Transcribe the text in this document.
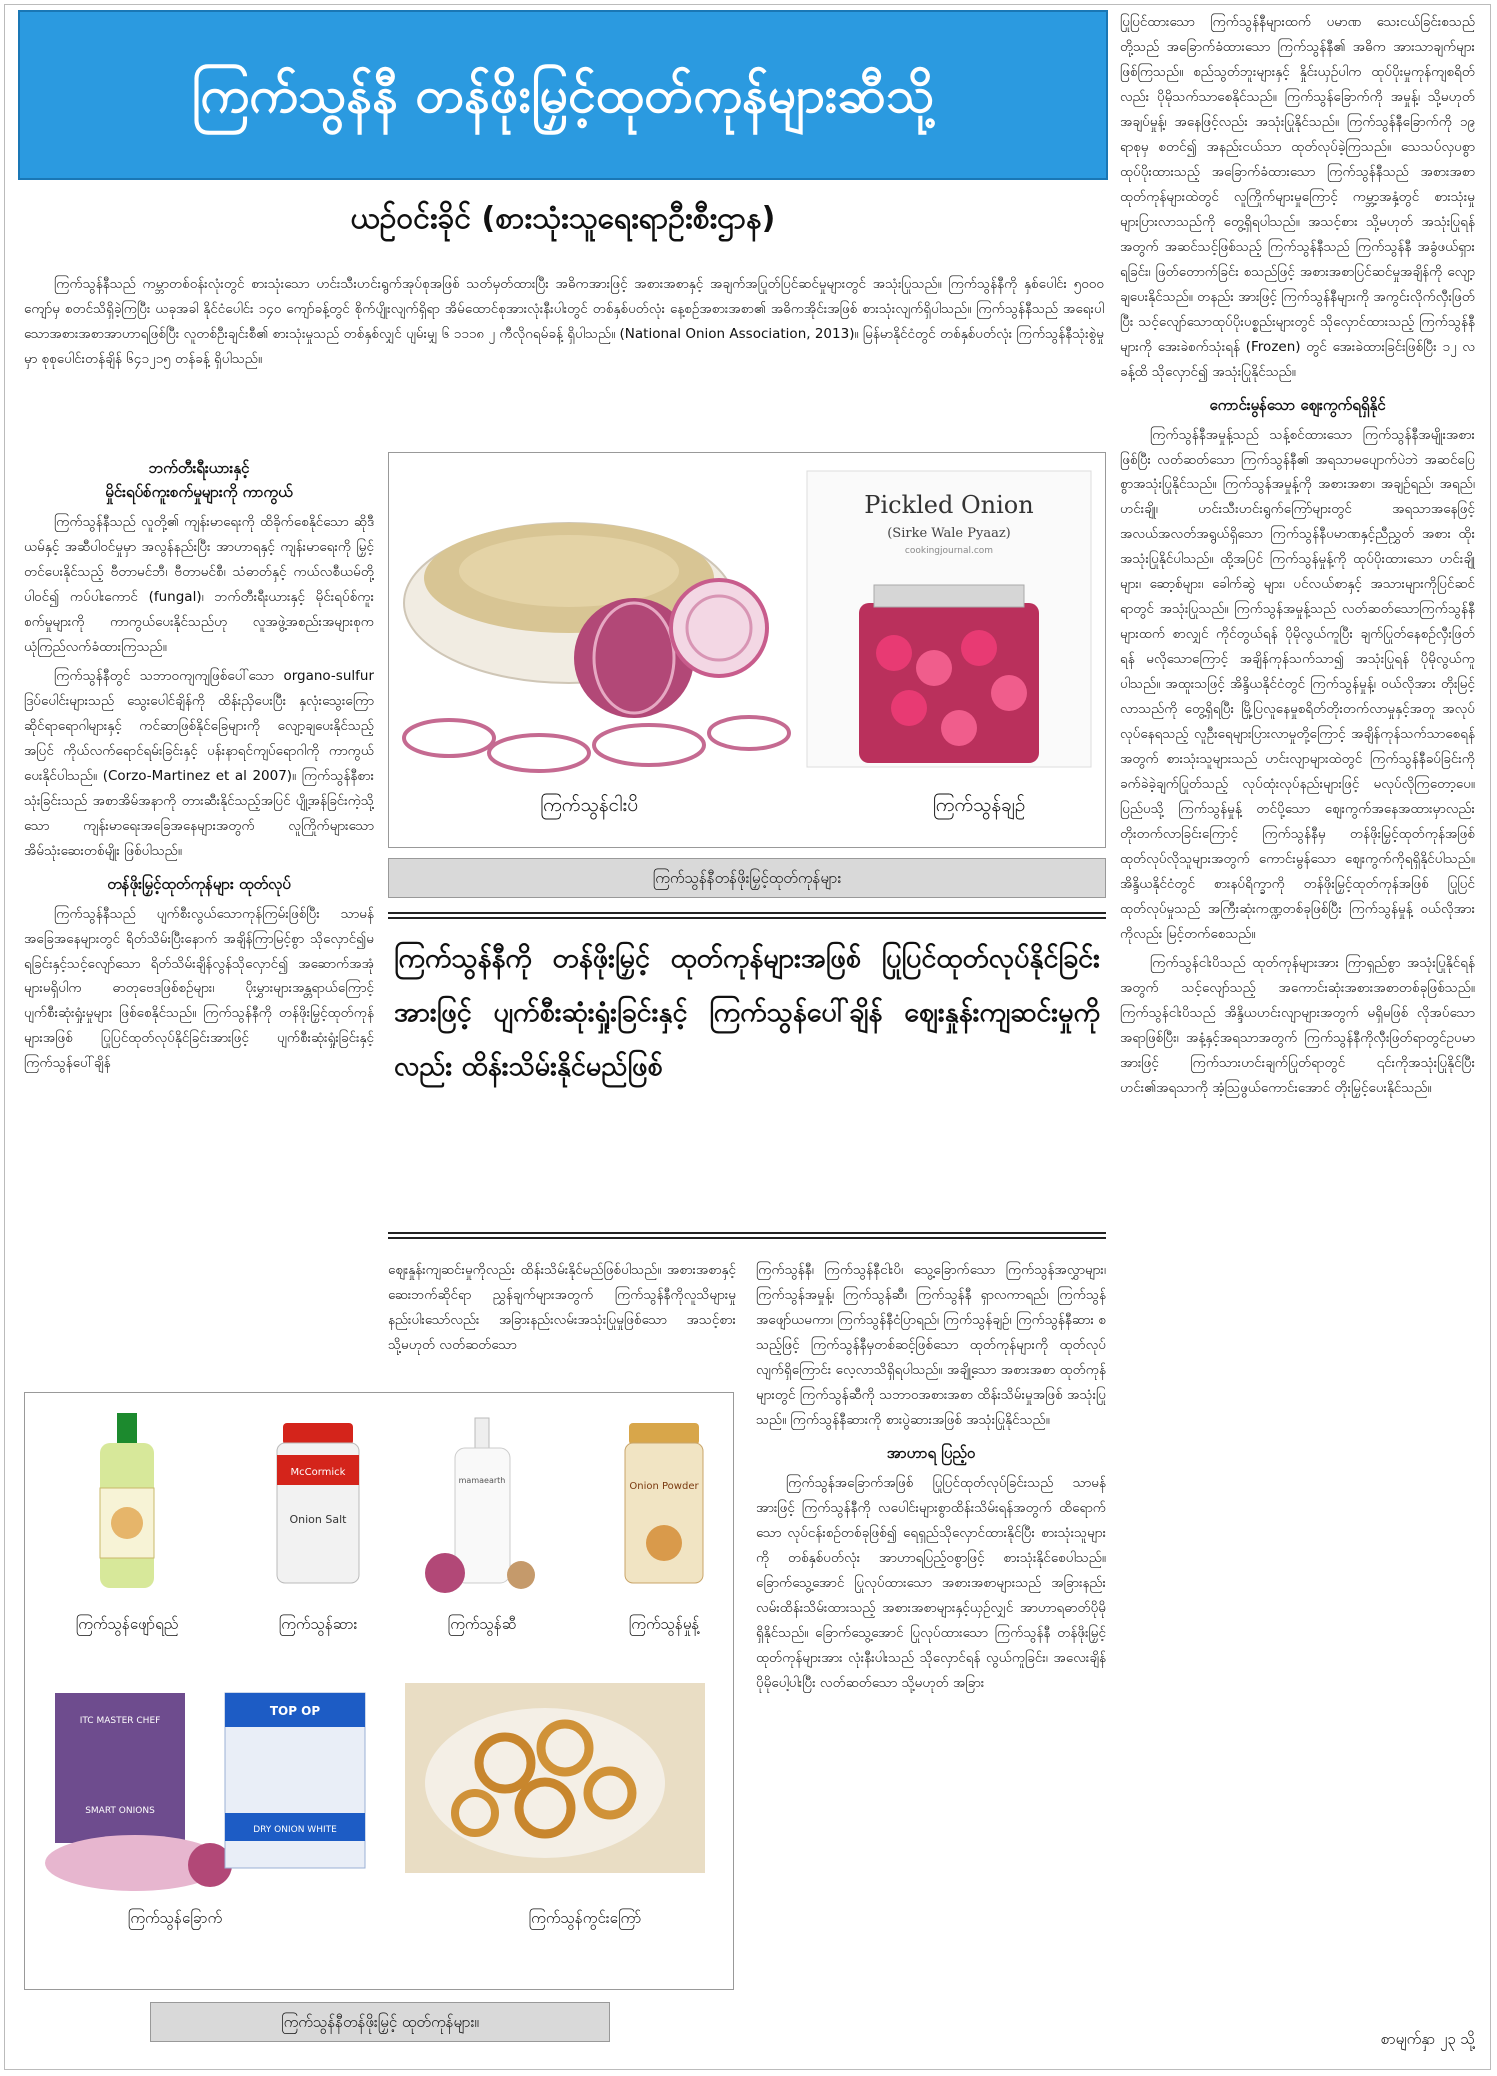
ကြက်သွန်နီ တန်ဖိုးမြှင့်ထုတ်ကုန်များဆီသို့
ယဥ်ဝင်းခိုင် (စားသုံးသူရေးရာဦးစီးဌာန)

ကြက်သွန်နီသည် ကမ္ဘာတစ်ဝန်းလုံးတွင် စားသုံးသော ဟင်းသီးဟင်းရွက်အုပ်စုအဖြစ် သတ်မှတ်ထားပြီး အဓိကအားဖြင့် အစားအစာနှင့် အချက်အပြုတ်ပြင်ဆင်မှုများတွင် အသုံးပြုသည်။ ကြက်သွန်နီကို နှစ်ပေါင်း ၅၀၀၀ ကျော်မှ စတင်သိရှိခဲ့ကြပြီး ယခုအခါ နိုင်ငံပေါင်း ၁၄၀ ကျော်ခန့်တွင် စိုက်ပျိုးလျက်ရှိရာ အိမ်ထောင်စုအားလုံးနီးပါးတွင် တစ်နှစ်ပတ်လုံး နေ့စဉ်အစားအစာ၏ အဓိကအိုင်းအဖြစ် စားသုံးလျက်ရှိပါသည်။ ကြက်သွန်နီသည် အရေးပါသောအစားအစာအာဟာရဖြစ်ပြီး လူတစ်ဦးချင်းစီ၏ စားသုံးမှုသည် တစ်နှစ်လျှင် ပျမ်းမျှ ၆ ၁၁၁၈ ၂ ကီလိုဂရမ်ခန့် ရှိပါသည်။ (National Onion Association, 2013)။ မြန်မာနိုင်ငံတွင် တစ်နှစ်ပတ်လုံး ကြက်သွန်နီသုံးစွဲမှုမှာ စုစုပေါင်းတန်ချိန် ၆၄၁၂၁၅ တန်ခန့် ရှိပါသည်။

ဘက်တီးရီးယားနှင့်
မှိုင်းရပ်စ်ကူးစက်မှုများကို ကာကွယ်

ကြက်သွန်နီသည် လူတို့၏ ကျန်းမာရေးကို ထိခိုက်စေနိုင်သော ဆိုဒီယမ်နှင့် အဆီပါဝင်မှုမှာ အလွန်နည်းပြီး အာဟာရနှင့် ကျန်းမာရေးကို မြှင့်တင်ပေးနိုင်သည့် ဗီတာမင်ဘီ၊ ဗီတာမင်စီ၊ သံဓာတ်နှင့် ကယ်လစီယမ်တို့ပါဝင်၍ ကပ်ပါးကောင် (fungal)၊ ဘက်တီးရီးယားနှင့် မိုင်းရပ်စ်ကူးစက်မှုများကို ကာကွယ်ပေးနိုင်သည်ဟု လူအဖွဲ့အစည်းအများစုက ယုံကြည်လက်ခံထားကြသည်။

ကြက်သွန်နီတွင် သဘာဝကျကျဖြစ်ပေါ်သော organo-sulfur ဒြပ်ပေါင်းများသည် သွေးပေါင်ချိန်ကို ထိန်းညှိပေးပြီး နှလုံးသွေးကြောဆိုင်ရာရောဂါများနှင့် ကင်ဆာဖြစ်နိုင်ခြေများကို လျော့ချပေးနိုင်သည့်အပြင် ကိုယ်လက်ရောင်ရမ်းခြင်းနှင့် ပန်းနာရင်ကျပ်ရောဂါကို ကာကွယ်ပေးနိုင်ပါသည်။ (Corzo-Martinez et al 2007)။ ကြက်သွန်နီစားသုံးခြင်းသည် အစာအိမ်အနာကို တားဆီးနိုင်သည့်အပြင် ပျို့အန်ခြင်းကဲ့သို့သော ကျန်းမာရေးအခြေအနေများအတွက် လူကြိုက်များသော အိမ်သုံးဆေးတစ်မျိုး ဖြစ်ပါသည်။

တန်ဖိုးမြှင့်ထုတ်ကုန်များ ထုတ်လုပ်

ကြက်သွန်နီသည် ပျက်စီးလွယ်သောကုန်ကြမ်းဖြစ်ပြီး သာမန်အခြေအနေများတွင် ရိတ်သိမ်းပြီးနောက် အချိန်ကြာမြင့်စွာ သိုလှောင်၍မရခြင်းနှင့်သင့်လျော်သော ရိတ်သိမ်းချိန်လွန်သိုလှောင်၍ အဆောက်အအုံများမရှိပါက ဓာတုဗေဒဖြစ်စဉ်များ၊ ပိုးမွှားများအန္တရာယ်ကြောင့် ပျက်စီးဆုံးရှုံးမှုများ ဖြစ်စေနိုင်သည်။ ကြက်သွန်နီကို တန်ဖိုးမြှင့်ထုတ်ကုန်များအဖြစ် ပြုပြင်ထုတ်လုပ်နိုင်ခြင်းအားဖြင့် ပျက်စီးဆုံးရှုံးခြင်းနှင့် ကြက်သွန်ပေါ်ချိန်

Pickled Onion
(Sirke Wale Pyaaz)
cookingjournal.com
ကြက်သွန်ငါးပိ	ကြက်သွန်ချဉ်
ကြက်သွန်နီတန်ဖိုးမြှင့်ထုတ်ကုန်များ
ကြက်သွန်နီကို တန်ဖိုးမြှင့် ထုတ်ကုန်များအဖြစ် ပြုပြင်ထုတ်လုပ်နိုင်ခြင်းအားဖြင့် ပျက်စီးဆုံးရှုံးခြင်းနှင့် ကြက်သွန်ပေါ်ချိန် ဈေးနှုန်းကျဆင်းမှုကိုလည်း ထိန်းသိမ်းနိုင်မည်ဖြစ်

ဈေးနှုန်းကျဆင်းမှုကိုလည်း ထိန်းသိမ်းနိုင်မည်ဖြစ်ပါသည်။ အစားအစာနှင့် ဆေးဘက်ဆိုင်ရာ ညွှန်ချက်များအတွက် ကြက်သွန်နီကိုလူသိများမှုနည်းပါးသော်လည်း အခြားနည်းလမ်းအသုံးပြုမှုဖြစ်သော အသင့်စား သို့မဟုတ် လတ်ဆတ်သော

ကြက်သွန်နီ၊ ကြက်သွန်နီငါးပိ၊ သွေ့ခြောက်သော ကြက်သွန်အလွှာများ၊ ကြက်သွန်အမှုန့်၊ ကြက်သွန်ဆီ၊ ကြက်သွန်နီ ရှာလကာရည်၊ ကြက်သွန်အဖျော်ယမကာ၊ ကြက်သွန်နီငံပြာရည်၊ ကြက်သွန်ချဉ်၊ ကြက်သွန်နီဆား စသည့်ဖြင့် ကြက်သွန်နီမှတစ်ဆင့်ဖြစ်သော ထုတ်ကုန်များကို ထုတ်လုပ်လျက်ရှိကြောင်း လေ့လာသိရှိရပါသည်။ အချို့သော အစားအစာ ထုတ်ကုန်များတွင် ကြက်သွန်ဆီကို သဘာဝအစားအစာ ထိန်းသိမ်းမှုအဖြစ် အသုံးပြုသည်။ ကြက်သွန်နီဆားကို စားပွဲဆားအဖြစ် အသုံးပြုနိုင်သည်။

အာဟာရ ပြည့်ဝ

ကြက်သွန်အခြောက်အဖြစ် ပြုပြင်ထုတ်လုပ်ခြင်းသည် သာမန်အားဖြင့် ကြက်သွန်နီကို လပေါင်းများစွာထိန်းသိမ်းရန်အတွက် ထိရောက်သော လုပ်ငန်းစဉ်တစ်ခုဖြစ်၍ ရေရှည်သိုလှောင်ထားနိုင်ပြီး စားသုံးသူများကို တစ်နှစ်ပတ်လုံး အာဟာရပြည့်ဝစွာဖြင့် စားသုံးနိုင်စေပါသည်။ ခြောက်သွေ့အောင် ပြုလုပ်ထားသော အစားအစာများသည် အခြားနည်းလမ်းထိန်းသိမ်းထားသည့် အစားအစာများနှင့်ယှဉ်လျှင် အာဟာရဓာတ်ပိုမိုရှိနိုင်သည်။ ခြောက်သွေ့အောင် ပြုလုပ်ထားသော ကြက်သွန်နီ တန်ဖိုးမြှင့်ထုတ်ကုန်များအား လုံးနီးပါးသည် သိုလှောင်ရန် လွယ်ကူခြင်း၊ အလေးချိန်ပိုမိုပေါ့ပါးပြီး လတ်ဆတ်သော သို့မဟုတ် အခြား

ပြုပြင်ထားသော ကြက်သွန်နီများထက် ပမာဏ သေးငယ်ခြင်းစသည်တို့သည် အခြောက်ခံထားသော ကြက်သွန်နီ၏ အဓိက အားသာချက်များ ဖြစ်ကြသည်။ စည်သွတ်ဘူးများနှင့် နှိုင်းယှဉ်ပါက ထုပ်ပိုးမှုကုန်ကျစရိတ်လည်း ပိုမိုသက်သာစေနိုင်သည်။ ကြက်သွန်ခြောက်ကို အမှုန့်၊ သို့မဟုတ် အချပ်မှုန့်၊ အနေဖြင့်လည်း အသုံးပြုနိုင်သည်။ ကြက်သွန်နီခြောက်ကို ၁၉ ရာစုမှ စတင်၍ အနည်းငယ်သာ ထုတ်လုပ်ခဲ့ကြသည်။ သေသပ်လှပစွာထုပ်ပိုးထားသည့် အခြောက်ခံထားသော ကြက်သွန်နီသည် အစားအစာထုတ်ကုန်များထဲတွင် လူကြိုက်များမှုကြောင့် ကမ္ဘာ့အနှံ့တွင် စားသုံးမှုများပြားလာသည်ကို တွေ့ရှိရပါသည်။ အသင့်စား သို့မဟုတ် အသုံးပြုရန်အတွက် အဆင်သင့်ဖြစ်သည့် ကြက်သွန်နီသည် ကြက်သွန်နီ အခွံဖယ်ရှားရခြင်း၊ ဖြတ်တောက်ခြင်း စသည်ဖြင့် အစားအစာပြင်ဆင်မှုအချိန်ကို လျော့ချပေးနိုင်သည်။ တနည်း အားဖြင့် ကြက်သွန်နီများကို အကွင်းလိုက်လှီးဖြတ်ပြီး သင့်လျော်သောထုပ်ပိုးပစ္စည်းများတွင် သိုလှောင်ထားသည့် ကြက်သွန်နီများကို အေးခဲစက်သုံးရန် (Frozen) တွင် အေးခဲထားခြင်းဖြစ်ပြီး ၁၂ လခန့်ထိ သိုလှောင်၍ အသုံးပြုနိုင်သည်။

ကောင်းမွန်သော ဈေးကွက်ရရှိနိုင်

ကြက်သွန်နီအမှုန့်သည် သန့်စင်ထားသော ကြက်သွန်နီအမျိုးအစားဖြစ်ပြီး လတ်ဆတ်သော ကြက်သွန်နီ၏ အရသာမပျောက်ပဲဘဲ အဆင်ပြေစွာအသုံးပြုနိုင်သည်။ ကြက်သွန်အမှုန့်ကို အစားအစာ၊ အချဉ်ရည်၊ အရည်၊ ဟင်းချို၊ ဟင်းသီးဟင်းရွက်ကြော်များတွင် အရသာအနေဖြင့် အလယ်အလတ်အရွယ်ရှိသော ကြက်သွန်နီပမာဏနှင့်ညီညွှတ် အစား ထိုးအသုံးပြုနိုင်ပါသည်။ ထို့အပြင် ကြက်သွန်မှုန့်ကို ထုပ်ပိုးထားသော ဟင်းချိုများ၊ ဆော့စ်များ၊ ခေါက်ဆွဲ များ၊ ပင်လယ်စာနှင့် အသားများကိုပြင်ဆင်ရာတွင် အသုံးပြုသည်။ ကြက်သွန်အမှုန့်သည် လတ်ဆတ်သောကြက်သွန်နီများထက် စာလျှင် ကိုင်တွယ်ရန် ပိုမိုလွယ်ကူပြီး ချက်ပြုတ်နေစဉ်လှီးဖြတ်ရန် မလိုသောကြောင့် အချိန်ကုန်သက်သာ၍ အသုံးပြုရန် ပိုမိုလွယ်ကူပါသည်။ အထူးသဖြင့် အိန္ဒိယနိုင်ငံတွင် ကြက်သွန်မှုန့်၊ ဝယ်လိုအား တိုးမြင့်လာသည်ကို တွေ့ရှိရပြီး မြို့ပြလူနေမှုစရိတ်တိုးတက်လာမှုနှင့်အတူ အလုပ်လုပ်နေရသည့် လူဦးရေများပြားလာမှုတို့ကြောင့် အချိန်ကုန်သက်သာစေရန်အတွက် စားသုံးသူများသည် ဟင်းလျာများထဲတွင် ကြက်သွန်နီခပ်ခြင်းကို ခက်ခဲခဲ့ချက်ပြုတ်သည့် လုပ်ထုံးလုပ်နည်းများဖြင့် မလုပ်လိုကြတော့ပေ။ ပြည်ပသို့ ကြက်သွန်မှုန့် တင်ပို့သော ဈေးကွက်အနေအထားမှာလည်း တိုးတက်လာခြင်းကြောင့် ကြက်သွန်နီမှ တန်ဖိုးမြှင့်ထုတ်ကုန်အဖြစ် ထုတ်လုပ်လိုသူများအတွက် ကောင်းမွန်သော ဈေးကွက်ကိုရရှိနိုင်ပါသည်။ အိန္ဒိယနိုင်ငံတွင် စားနပ်ရိက္ခာကို တန်ဖိုးမြှင့်ထုတ်ကုန်အဖြစ် ပြုပြင်ထုတ်လုပ်မှုသည် အကြီးဆုံးကဏ္ဍတစ်ခုဖြစ်ပြီး ကြက်သွန်မှုန့် ဝယ်လိုအားကိုလည်း မြင့်တက်စေသည်။

ကြက်သွန်ငါးပိသည် ထုတ်ကုန်များအား ကြာရှည်စွာ အသုံးပြုနိုင်ရန်အတွက် သင့်လျော်သည့် အကောင်းဆုံးအစားအစာတစ်ခုဖြစ်သည်။ ကြက်သွန်ငါးပိသည် အိန္ဒိယဟင်းလျာများအတွက် မရှိမဖြစ် လိုအပ်သောအရာဖြစ်ပြီး၊ အနံ့နှင့်အရသာအတွက် ကြက်သွန်နီကိုလှီးဖြတ်ရာတွင်ဥပမာအားဖြင့် ကြက်သားဟင်းချက်ပြုတ်ရာတွင် ၎င်းကိုအသုံးပြုနိုင်ပြီးဟင်း၏အရသာကို အံ့ဩဖွယ်ကောင်းအောင် တိုးမြှင့်ပေးနိုင်သည်။

စာမျက်နှာ ၂၃ သို့
McCormick
Onion Salt
mamaearth
Onion Powder
ကြက်သွန်ဖျော်ရည်	ကြက်သွန်ဆား	ကြက်သွန်ဆီ	ကြက်သွန်မှုန့်
ITC MASTER CHEF
SMART ONIONS
TOP OP
DRY ONION WHITE
ကြက်သွန်ခြောက်	ကြက်သွန်ကွင်းကြော်
ကြက်သွန်နီတန်ဖိုးမြှင့် ထုတ်ကုန်များ။
